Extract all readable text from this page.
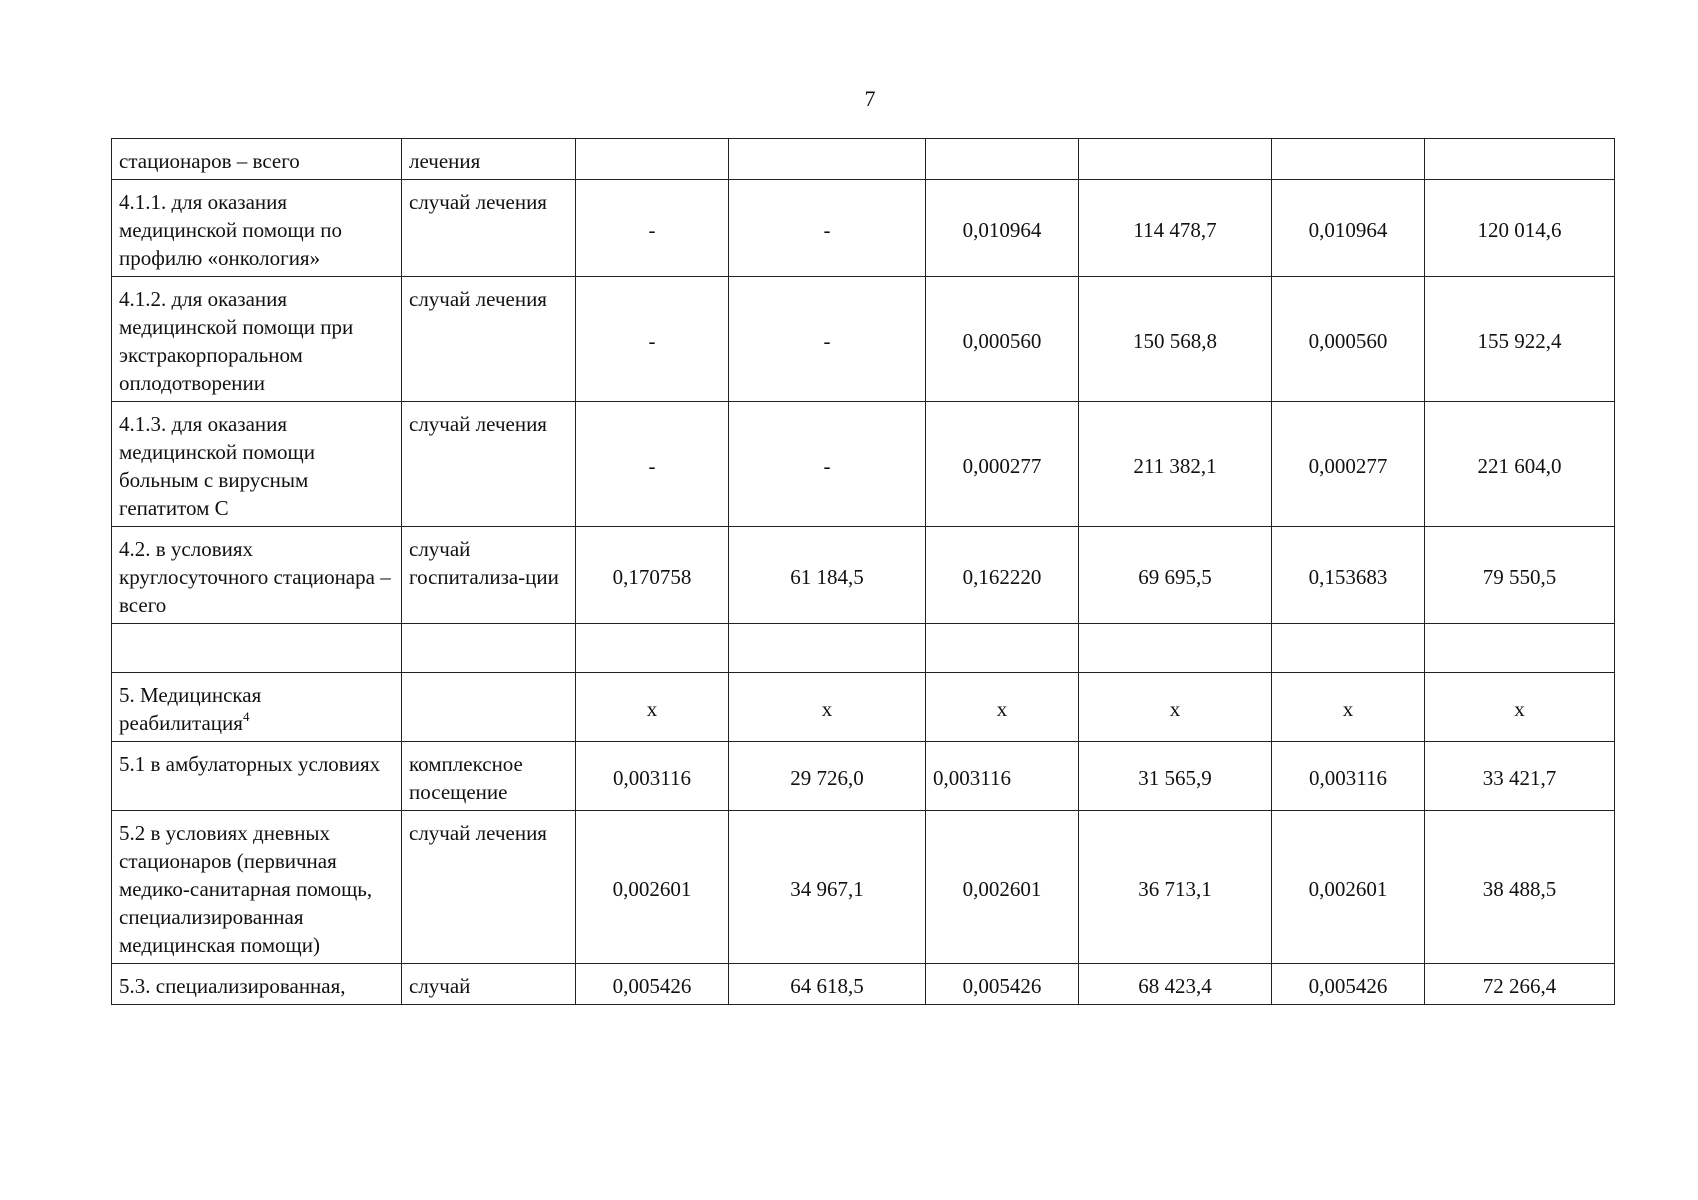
7
стационаров – всего	лечения						
4.1.1. для оказания медицинской помощи по профилю «онкология»	случай лечения	-	-	0,010964	114 478,7	0,010964	120 014,6
4.1.2. для оказания медицинской помощи при экстракорпоральном оплодотворении	случай лечения	-	-	0,000560	150 568,8	0,000560	155 922,4
4.1.3. для оказания медицинской помощи больным с вирусным гепатитом С	случай лечения	-	-	0,000277	211 382,1	0,000277	221 604,0
4.2. в условиях круглосуточного стационара – всего	случай госпитализа-ции	0,170758	61 184,5	0,162220	69 695,5	0,153683	79 550,5

5. Медицинская реабилитация$^4$		х	х	х	х	х	х
5.1 в амбулаторных условиях	комплексное посещение	0,003116	29 726,0	0,003116	31 565,9	0,003116	33 421,7
5.2 в условиях дневных стационаров (первичная медико-санитарная помощь, специализированная медицинская помощи)	случай лечения	0,002601	34 967,1	0,002601	36 713,1	0,002601	38 488,5
5.3. специализированная,	случай	0,005426	64 618,5	0,005426	68 423,4	0,005426	72 266,4
